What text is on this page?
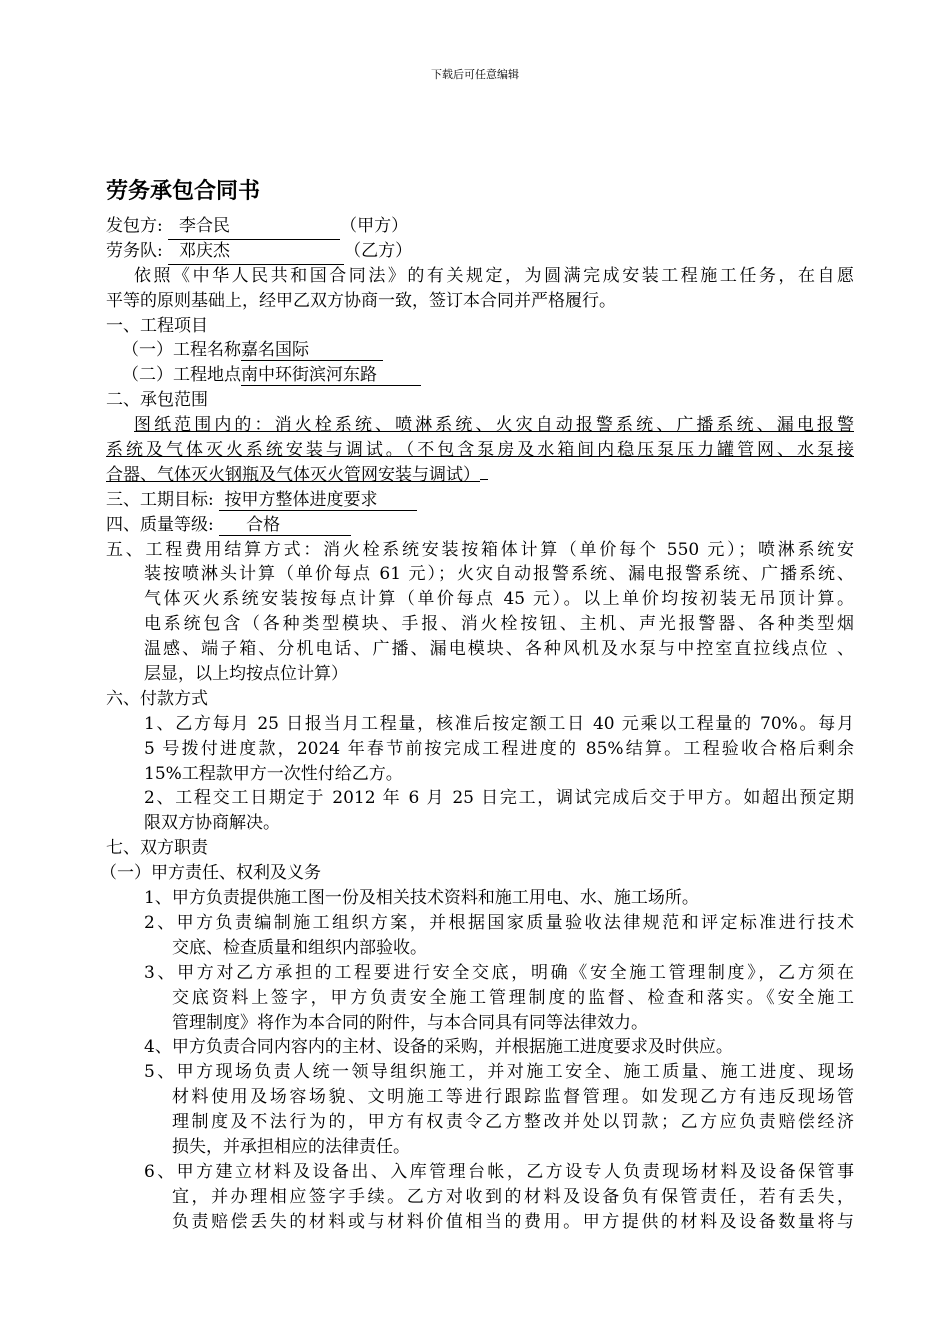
下载后可任意编辑
劳务承包合同书
发包方: 李合民	（甲方）
劳务队: 邓庆杰	（乙方）
依照《中华人民共和国合同法》的有关规定，为圆满完成安装工程施工任务，在自愿
平等的原则基础上，经甲乙双方协商一致，签订本合同并严格履行。
一、工程项目
（一）工程名称嘉名国际
（二）工程地点南中环街滨河东路
二、承包范围
图纸范围内的：消火栓系统、喷淋系统、火灾自动报警系统、广播系统、漏电报警
系统及气体灭火系统安装与调试。（不包含泵房及水箱间内稳压泵压力罐管网、水泵接
合器、气体灭火钢瓶及气体灭火管网安装与调试）
三、工期目标: 按甲方整体进度要求
四、质量等级: 合格
五、工程费用结算方式：消火栓系统安装按箱体计算（单价每个 550 元）；喷淋系统安
装按喷淋头计算（单价每点 61 元）；火灾自动报警系统、漏电报警系统、广播系统、
气体灭火系统安装按每点计算（单价每点 45 元）。以上单价均按初装无吊顶计算。
电系统包含（各种类型模块、手报、消火栓按钮、主机、声光报警器、各种类型烟
温感、端子箱、分机电话、广播、漏电模块、各种风机及水泵与中控室直拉线点位 、
层显，以上均按点位计算）
六、付款方式
1、乙方每月 25 日报当月工程量，核准后按定额工日 40 元乘以工程量的 70%。每月
5 号拨付进度款，2024 年春节前按完成工程进度的 85%结算。工程验收合格后剩余
15%工程款甲方一次性付给乙方。
2、工程交工日期定于 2012 年 6 月 25 日完工，调试完成后交于甲方。如超出预定期
限双方协商解决。
七、双方职责
（一）甲方责任、权利及义务
1、甲方负责提供施工图一份及相关技术资料和施工用电、水、施工场所。
2、甲方负责编制施工组织方案，并根据国家质量验收法律规范和评定标准进行技术
交底、检查质量和组织内部验收。
3、甲方对乙方承担的工程要进行安全交底，明确《安全施工管理制度》，乙方须在
交底资料上签字，甲方负责安全施工管理制度的监督、检查和落实。《安全施工
管理制度》将作为本合同的附件，与本合同具有同等法律效力。
4、甲方负责合同内容内的主材、设备的采购，并根据施工进度要求及时供应。
5、甲方现场负责人统一领导组织施工，并对施工安全、施工质量、施工进度、现场
材料使用及场容场貌、文明施工等进行跟踪监督管理。如发现乙方有违反现场管
理制度及不法行为的，甲方有权责令乙方整改并处以罚款；乙方应负责赔偿经济
损失，并承担相应的法律责任。
6、甲方建立材料及设备出、入库管理台帐，乙方设专人负责现场材料及设备保管事
宜，并办理相应签字手续。乙方对收到的材料及设备负有保管责任，若有丢失，
负责赔偿丢失的材料或与材料价值相当的费用。甲方提供的材料及设备数量将与
